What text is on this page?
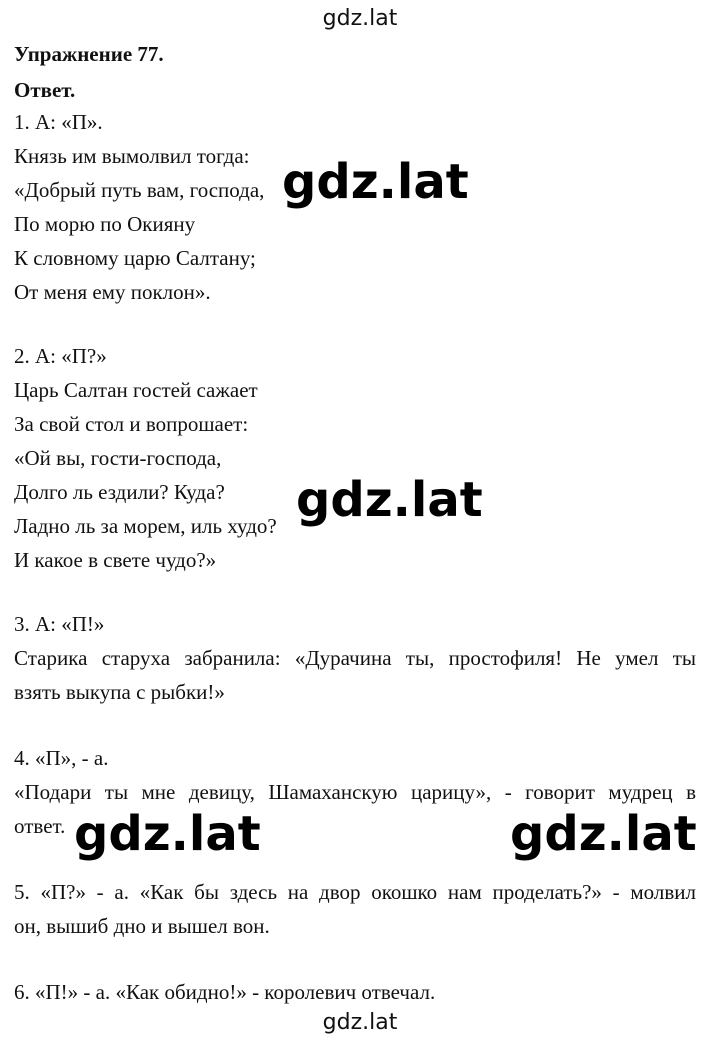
gdz.lat
Упражнение 77.
Ответ.
1. А: «П».
Князь им вымолвил тогда:
«Добрый путь вам, господа,
По морю по Окияну
К словному царю Салтану;
От меня ему поклон».
2. А: «П?»
Царь Салтан гостей сажает
За свой стол и вопрошает:
«Ой вы, гости-господа,
Долго ль ездили? Куда?
Ладно ль за морем, иль худо?
И какое в свете чудо?»
3. А: «П!»
Старика старуха забранила: «Дурачина ты, простофиля! Не умел ты
взять выкупа с рыбки!»
4. «П», - а.
«Подари ты мне девицу, Шамаханскую царицу», - говорит мудрец в
ответ.
5. «П?» - а. «Как бы здесь на двор окошко нам проделать?» - молвил
он, вышиб дно и вышел вон.
6. «П!» - а. «Как обидно!» - королевич отвечал.
gdz.lat
gdz.lat
gdz.lat	gdz.lat
gdz.lat
